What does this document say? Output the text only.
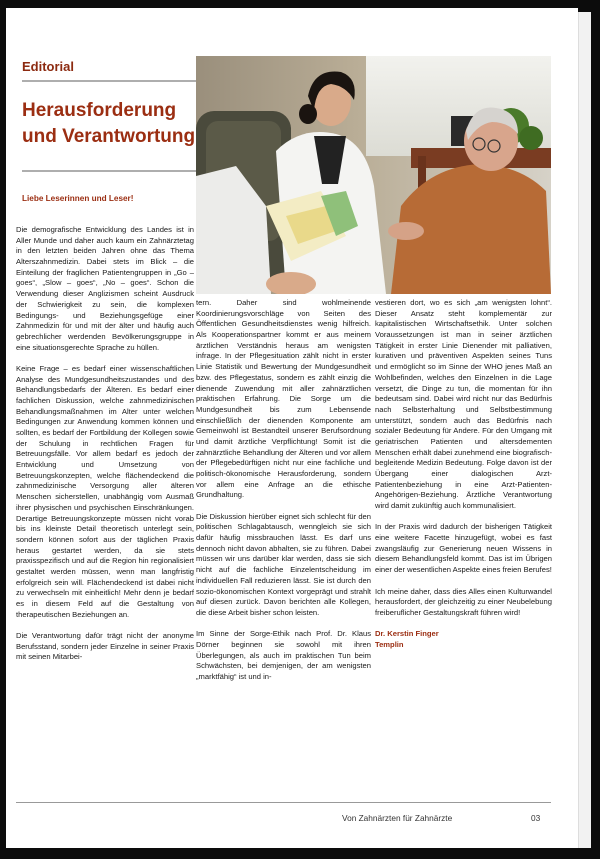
Editorial
Herausforderung
und Verantwortung
Liebe Leserinnen und Leser!

Die demografische Entwicklung des Landes ist in Aller Munde und daher auch kaum ein Zahnärztetag in den letzten beiden Jahren ohne das Thema Alterszahnmedizin. Dabei stets im Blick – die Einteilung der fraglichen Patientengruppen in „Go – goes“, „Slow – goes“, „No – goes“. Schon die Verwendung dieser Anglizismen scheint Ausdruck der Schwierigkeit zu sein, die komplexen Bedingungs- und Beziehungsgefüge einer Zahnmedizin für und mit der älter und häufig auch gebrechlicher werdenden Bevölkerungsgruppe in eine situationsgerechte Sprache zu hüllen.

Keine Frage – es bedarf einer wissenschaftlichen Analyse des Mundgesundheitszustandes und des Behandlungsbedarfs der Älteren. Es bedarf einer fachlichen Diskussion, welche zahnmedizinischen Behandlungsmaßnahmen im Alter unter welchen Bedingungen zur Anwendung kommen können und sollten, es bedarf der Fortbildung der Kollegen sowie der Schulung in rechtlichen Fragen für Betreuungsfälle. Vor allem bedarf es jedoch der Entwicklung und Umsetzung von Betreuungskonzepten, welche flächendeckend die zahnmedizinische Versorgung aller älteren Menschen sicherstellen, unabhängig vom Ausmaß ihrer physischen und psychischen Einschränkungen. Derartige Betreuungskonzepte müssen nicht vorab bis ins kleinste Detail theoretisch unterlegt sein, sondern können sofort aus der täglichen Praxis heraus gestartet werden, da sie stets praxisspezifisch und auf die Region hin regionalisiert gestaltet werden müssen, wenn man langfristig erfolgreich sein will. Flächendeckend ist dabei nicht zu verwechseln mit einheitlich! Mehr denn je bedarf es in diesem Feld auf die Gestaltung von therapeutischen Beziehungen an.

Die Verantwortung dafür trägt nicht der anonyme Berufsstand, sondern jeder Einzelne in seiner Praxis mit seinen Mitarbei-

tern. Daher sind wohlmeinende Koordinierungsvorschläge von Seiten des Öffentlichen Gesundheitsdienstes wenig hilfreich. Als Kooperationspartner kommt er aus meinem ärztlichen Verständnis heraus am wenigsten infrage. In der Pflegesituation zählt nicht in erster Linie Statistik und Bewertung der Mundgesundheit bzw. des Pflegestatus, sondern es zählt einzig die dienende Zuwendung mit aller zahnärztlichen praktischen Erfahrung. Die Sorge um die Mundgesundheit bis zum Lebensende einschließlich der dienenden Komponente am Gemeinwohl ist Bestandteil unserer Berufsordnung und damit ärztliche Verpflichtung! Somit ist die zahnärztliche Behandlung der Älteren und vor allem der Pflegebedürftigen nicht nur eine fachliche und politisch-ökonomische Herausforderung, sondern vor allem eine Anfrage an die ethische Grundhaltung.

Die Diskussion hierüber eignet sich schlecht für den politischen Schlagabtausch, wenngleich sie sich dafür häufig missbrauchen lässt. Es darf uns dennoch nicht davon abhalten, sie zu führen. Dabei müssen wir uns darüber klar werden, dass sie sich nicht auf die fachliche Einzelentscheidung im individuellen Fall reduzieren lässt. Sie ist durch den sozio-ökonomischen Kontext vorgeprägt und strahlt auf diesen zurück. Davon berichten alle Kollegen, die diese Arbeit bisher schon leisten.

Im Sinne der Sorge-Ethik nach Prof. Dr. Klaus Dörner beginnen sie sowohl mit ihren Überlegungen, als auch im praktischen Tun beim Schwächsten, bei demjenigen, der am wenigsten „marktfähig“ ist und in-

vestieren dort, wo es sich „am wenigsten lohnt“. Dieser Ansatz steht komplementär zur kapitalistischen Wirtschaftsethik. Unter solchen Voraussetzungen ist man in seiner ärztlichen Tätigkeit in erster Linie Dienender mit palliativen, kurativen und präventiven Aspekten seines Tuns und ermöglicht so im Sinne der WHO jenes Maß an Wohlbefinden, welches den Einzelnen in die Lage versetzt, die Dinge zu tun, die momentan für ihn bedeutsam sind. Dabei wird nicht nur das Bedürfnis nach Selbsterhaltung und Selbstbestimmung unterstützt, sondern auch das Bedürfnis nach sozialer Bedeutung für Andere. Für den Umgang mit geriatrischen Patienten und altersdementen Menschen erhält dabei zunehmend eine biografisch-begleitende Medizin Bedeutung. Folge davon ist der Übergang einer dialogischen Arzt-Patientenbeziehung in eine Arzt-Patienten-Angehörigen-Beziehung. Ärztliche Verantwortung wird damit zukünftig auch kommunalisiert.

In der Praxis wird dadurch der bisherigen Tätigkeit eine weitere Facette hinzugefügt, wobei es fast zwangsläufig zur Generierung neuen Wissens in diesem Behandlungsfeld kommt. Das ist im Übrigen einer der wesentlichen Aspekte eines freien Berufes!

Ich meine daher, dass dies Alles einen Kulturwandel herausfordert, der gleichzeitig zu einer Neubelebung freiberuflicher Gestaltungskraft führen wird!

Dr. Kerstin Finger
Templin

Von Zahnärzten für Zahnärzte	03
